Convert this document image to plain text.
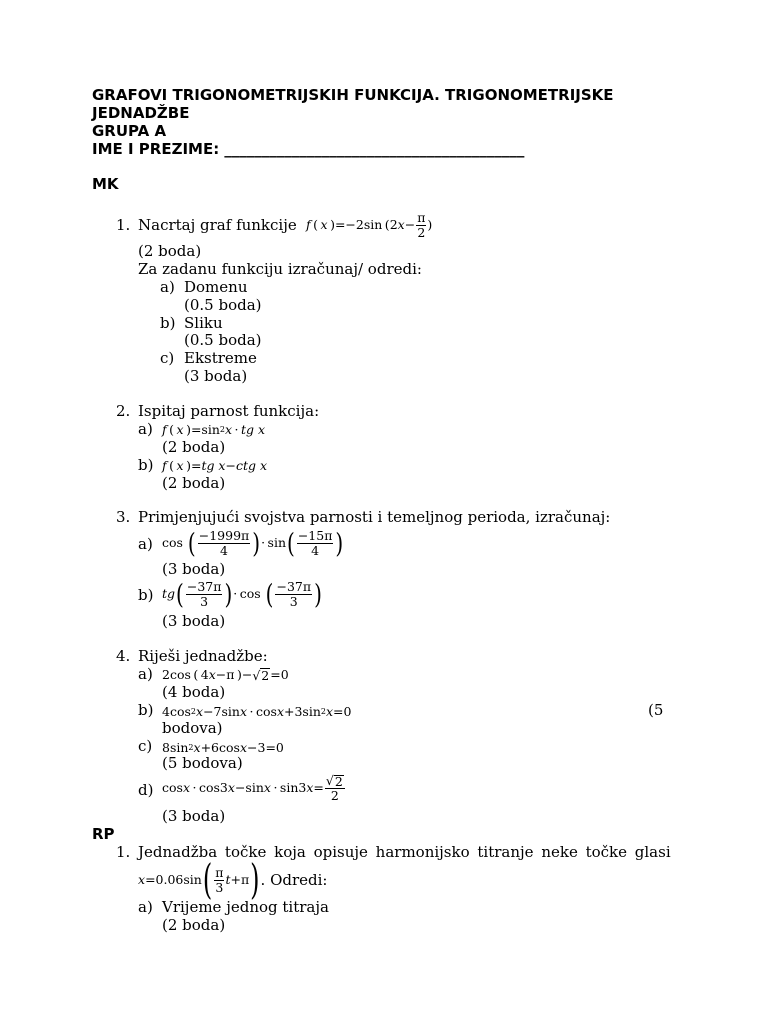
GRAFOVI TRIGONOMETRIJSKIH FUNKCIJA. TRIGONOMETRIJSKE
JEDNADŽBE
GRUPA A
IME I PREZIME: ________________________________________
MK
1. Nacrtaj graf funkcije f  (  x  )=−2sin (2 $x - \frac{\pi}{2}$ )
(2 boda)
Za zadanu funkciju izračunaj/ odredi:
a) Domenu
(0.5 boda)
b) Sliku
(0.5 boda)
c) Ekstreme
(3 boda)
2. Ispitaj parnost funkcija:
a) f  (  x  )=sin 2 x  ·  tg x
(2 boda)
b) f  (  x  )= tg x − ctg x
(2 boda)
3. Primjenjujući svojstva parnosti i temeljnog perioda, izračunaj:
a) cos ( $\frac{-1999\pi}{4}$ ) · sin ( $\frac{-15\pi}{4}$ )
(3 boda)
b) tg ( $\frac{-37\pi}{3}$ ) · cos ( $\frac{-37\pi}{3}$ )
(3 boda)
4. Riješi jednadžbe:
a) 2cos ( 4 x −π )− √ 2 =0
(4 boda)
b) 4cos 2 x −7sin x  · cos x +3sin 2 x =0	(5
bodova)
c) 8sin 2 x +6cos x −3=0
(5 bodova)
d) cos x  · cos3 x −sin x  · sin3 $x = \frac{√ 2}{2}$
(3 boda)
RP
1. Jednadžba točke koja opisuje harmonijsko titranje neke točke glasi
x =0.06sin ( $\frac{\pi}{3}$ t +π ) . Odredi:
a) Vrijeme jednog titraja
(2 boda)
